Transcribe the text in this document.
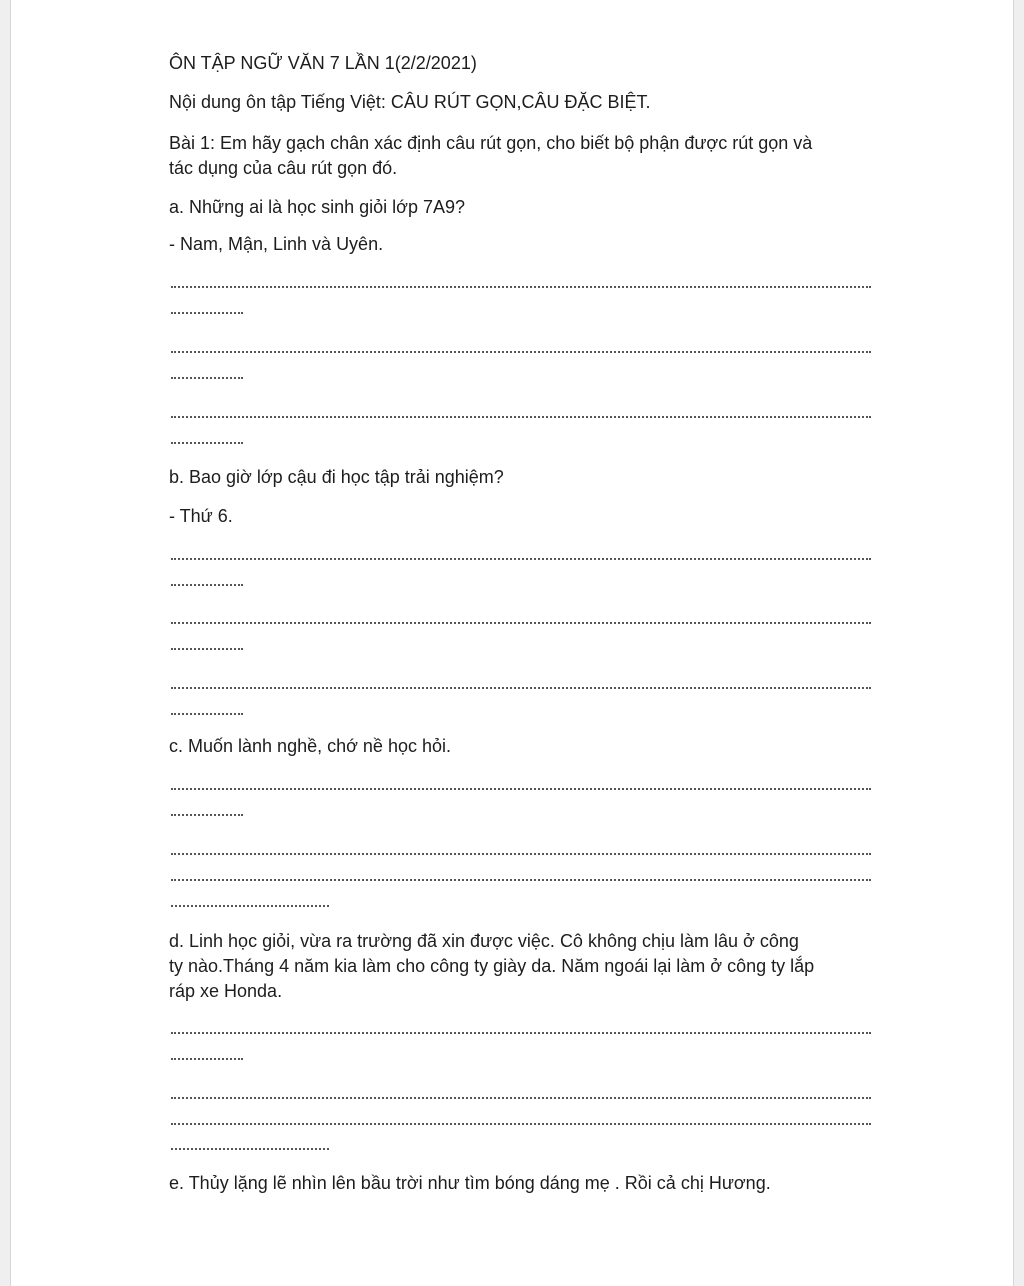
ÔN TẬP NGỮ VĂN 7 LẦN 1(2/2/2021)
Nội dung ôn tập Tiếng Việt: CÂU RÚT GỌN,CÂU ĐẶC BIỆT.
Bài 1: Em hãy gạch chân xác định câu rút gọn, cho biết bộ phận được rút gọn và
tác dụng của câu rút gọn đó.
a. Những ai là học sinh giỏi lớp 7A9?
- Nam, Mận, Linh và Uyên.
b. Bao giờ lớp cậu đi học tập trải nghiệm?
- Thứ 6.
c. Muốn lành nghề, chớ nề học hỏi.
d. Linh học giỏi, vừa ra trường đã xin được việc. Cô không chịu làm lâu ở công
ty nào.Tháng 4 năm kia làm cho công ty giày da. Năm ngoái lại làm ở công ty lắp
ráp xe Honda.
e. Thủy lặng lẽ nhìn lên bầu trời như tìm bóng dáng mẹ . Rồi cả chị Hương.
